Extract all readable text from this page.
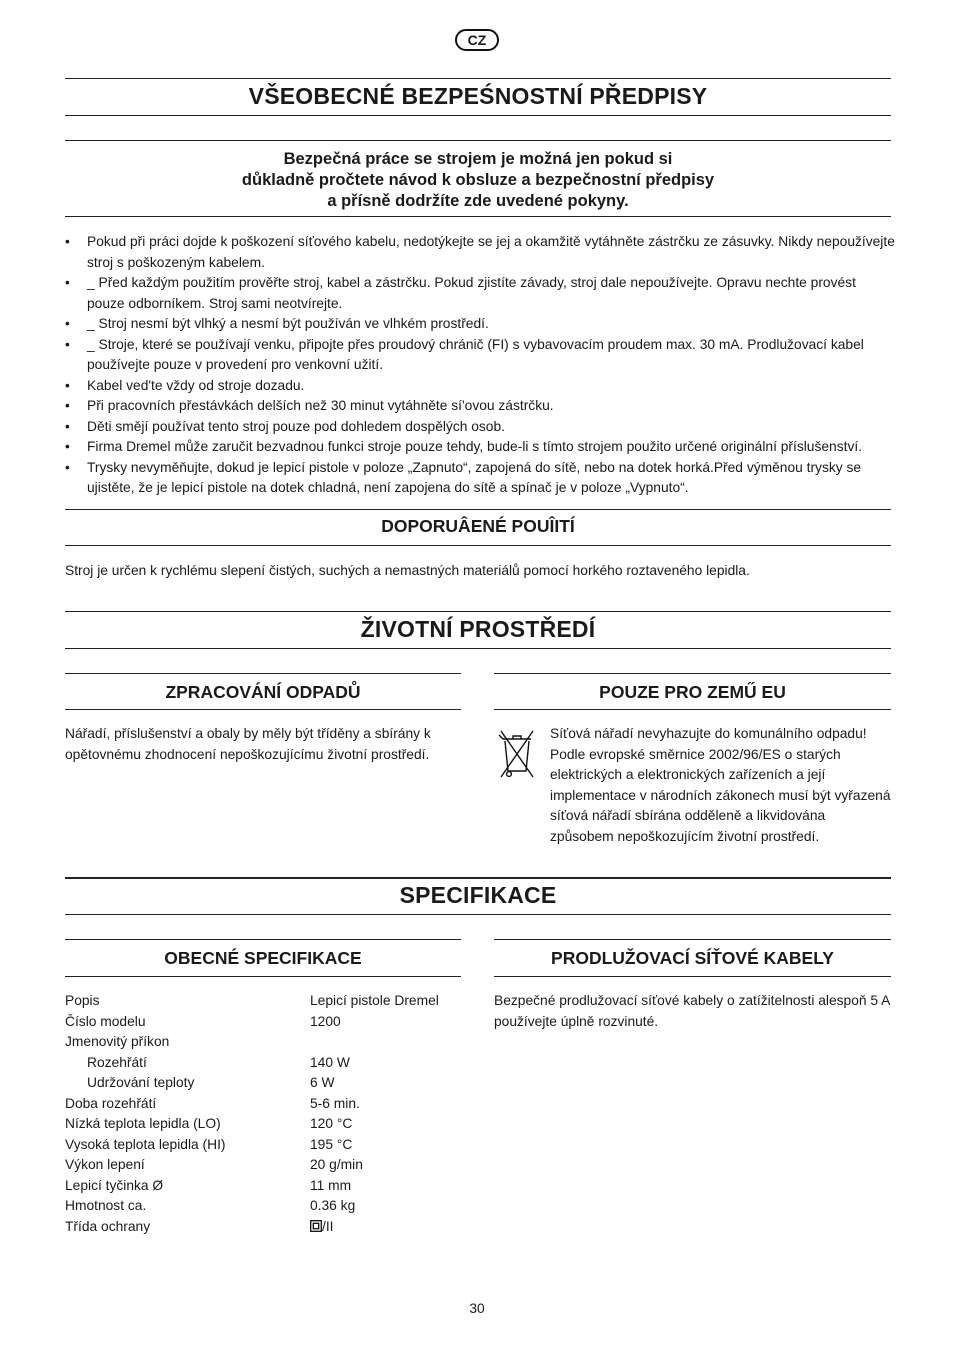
CZ
VŠEOBECNÉ BEZPEŚNOSTNÍ PŘEDPISY
Bezpečná práce se strojem je možná jen pokud si
důkladně pročtete návod k obsluze a bezpečnostní předpisy
a přísně dodržíte zde uvedené pokyny.
• Pokud při práci dojde k poškození síťového kabelu, nedotýkejte se jej a okamžitě vytáhněte zástrčku ze zásuvky. Nikdy nepoužívejte stroj s poškozeným kabelem.
• _ Před každým použitím prověřte stroj, kabel a zástrčku. Pokud zjistíte závady, stroj dale nepoužívejte. Opravu nechte provést pouze odborníkem. Stroj sami neotvírejte.
• _ Stroj nesmí být vlhký a nesmí být používán ve vlhkém prostředí.
• _ Stroje, které se používají venku, připojte přes proudový chránič (FI) s vybavovacím proudem max. 30 mA. Prodlužovací kabel používejte pouze v provedení pro venkovní užití.
• Kabel ved'te vždy od stroje dozadu.
• Při pracovních přestávkách delších než 30 minut vytáhněte sí'ovou zástrčku.
• Děti smějí používat tento stroj pouze pod dohledem dospělých osob.
• Firma Dremel může zaručit bezvadnou funkci stroje pouze tehdy, bude-li s tímto strojem použito určené originální příslušenství.
• Trysky nevyměňujte, dokud je lepicí pistole v poloze „Zapnuto“, zapojená do sítě, nebo na dotek horká.Před výměnou trysky se ujistěte, že je lepicí pistole na dotek chladná, není zapojena do sítě a spínač je v poloze „Vypnuto“.
DOPORUÂENÉ POUÎITÍ
Stroj je určen k rychlému slepení čistých, suchých a nemastných materiálů pomocí horkého roztaveného lepidla.
ŽIVOTNÍ PROSTŘEDÍ
ZPRACOVÁNÍ ODPADŮ
Nářadí, příslušenství a obaly by měly být tříděny a sbírány k opětovnému zhodnocení nepoškozujícímu životní prostředí.
POUZE PRO ZEMŰ EU
Síťová nářadí nevyhazujte do komunálního odpadu! Podle evropské směrnice 2002/96/ES o starých elektrických a elektronických zařízeních a její implementace v národních zákonech musí být vyřazená síťová nářadí sbírána odděleně a likvidována způsobem nepoškozujícím životní prostředí.
SPECIFIKACE
OBECNÉ SPECIFIKACE	PRODLUŽOVACÍ SÍŤOVÉ KABELY
Bezpečné prodlužovací síťové kabely o zatížitelnosti alespoň 5 A používejte úplně rozvinuté.
Popis	Lepicí pistole Dremel
Číslo modelu	1200
Jmenovitý příkon	
Rozehřátí	140 W
Udržování teploty	6 W
Doba rozehřátí	5-6 min.
Nízká teplota lepidla (LO)	120 °C
Vysoká teplota lepidla (HI)	195 °C
Výkon lepení	20 g/min
Lepicí tyčinka Ø	11 mm
Hmotnost ca.	0.36 kg
Třída ochrany	/II
30
